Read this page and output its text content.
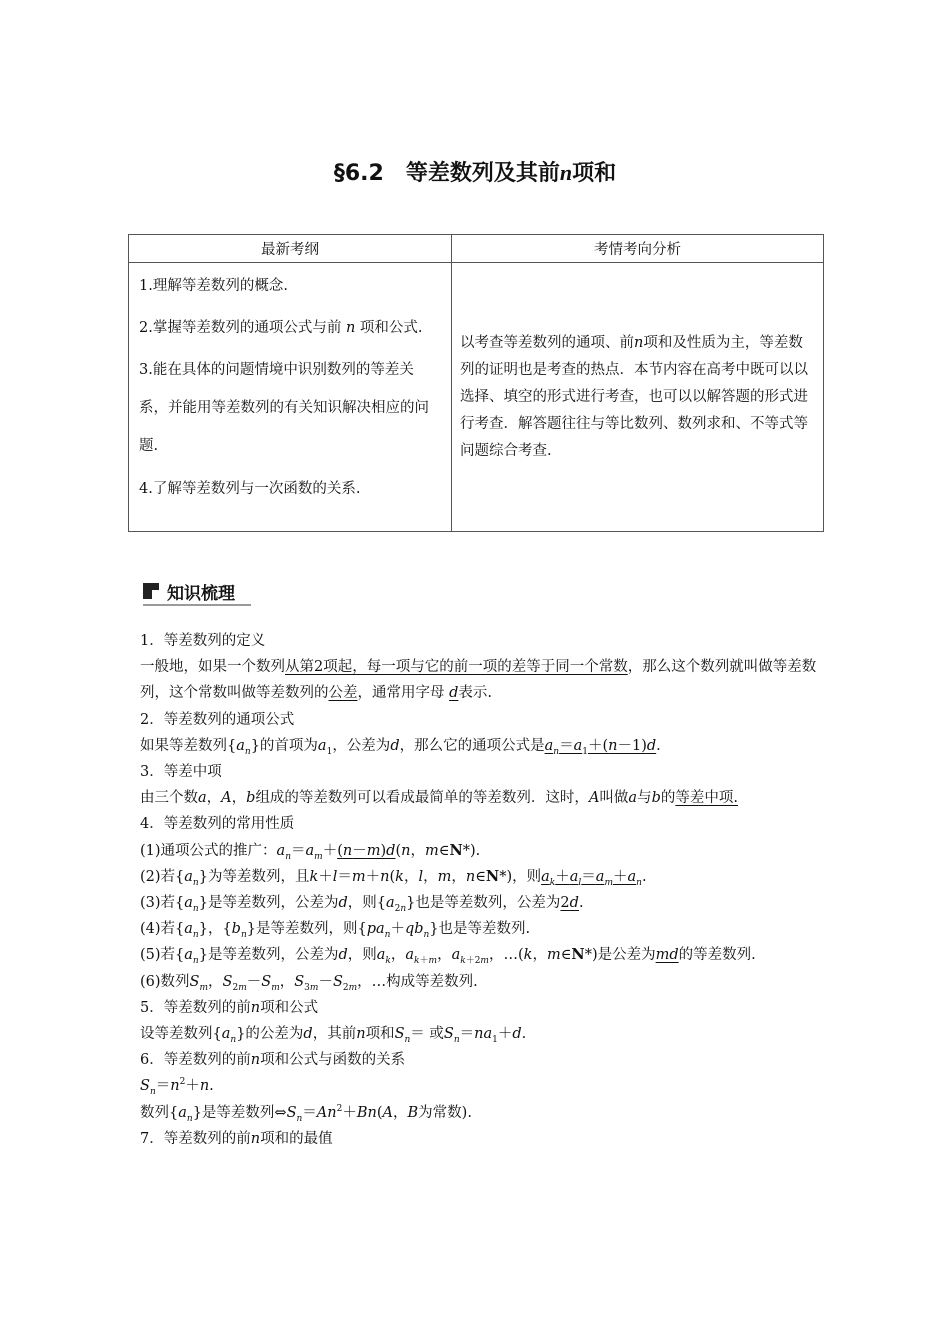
§6.2　等差数列及其前n项和
最新考纲	考情考向分析

1.理解等差数列的概念.

2.掌握等差数列的通项公式与前 n 项和公式.

3.能在具体的问题情境中识别数列的等差关系，并能用等差数列的有关知识解决相应的问题.

4.了解等差数列与一次函数的关系.	以考查等差数列的通项、前n项和及性质为主，等差数列的证明也是考查的热点．本节内容在高考中既可以以选择、填空的形式进行考查，也可以以解答题的形式进行考查．解答题往往与等比数列、数列求和、不等式等问题综合考查.
知识梳理

1．等差数列的定义

一般地，如果一个数列从第2项起，每一项与它的前一项的差等于同一个常数，那么这个数列就叫做等差数列，这个常数叫做等差数列的公差，通常用字母 d表示.

2．等差数列的通项公式

如果等差数列$\{a_n\}$的首项为$a_1$，公差为d，那么它的通项公式是$a_n=a_1+(n-1)d$.

3．等差中项

由三个数a，A，b组成的等差数列可以看成最简单的等差数列．这时，A叫做a与b的等差中项.

4．等差数列的常用性质

(1)通项公式的推广：$a_n=a_m+(n-m)d(n$，m∈N*).

(2)若$\{a_n\}$为等差数列，且k＋l＝m＋n(k，l，m，n∈N*)，则$a_k+a_l=a_m+a_n$.

(3)若$\{a_n\}$是等差数列，公差为d，则$\{a_{2n}\}$也是等差数列，公差为2d.

(4)若$\{a_n\}$，$\{b_n\}$是等差数列，则$\{pa_n+qb_n\}$也是等差数列.

(5)若$\{a_n\}$是等差数列，公差为d，则$a_k$，$a_{k+m}$，$a_{k+2m}$，…(k，m∈N*)是公差为md的等差数列.

(6)数列$S_m$，$S_{2m}-S_m$，$S_{3m}-S_{2m}$，…构成等差数列.

5．等差数列的前n项和公式

设等差数列$\{a_n\}$的公差为d，其前n项和$S_n=$ 或$S_n=na_1+d$.

6．等差数列的前n项和公式与函数的关系

$S_n=n^2+n$.

数列$\{a_n\}$是等差数列$\Leftrightarrow S_n=An^2+Bn(A$，B为常数).

7．等差数列的前n项和的最值
